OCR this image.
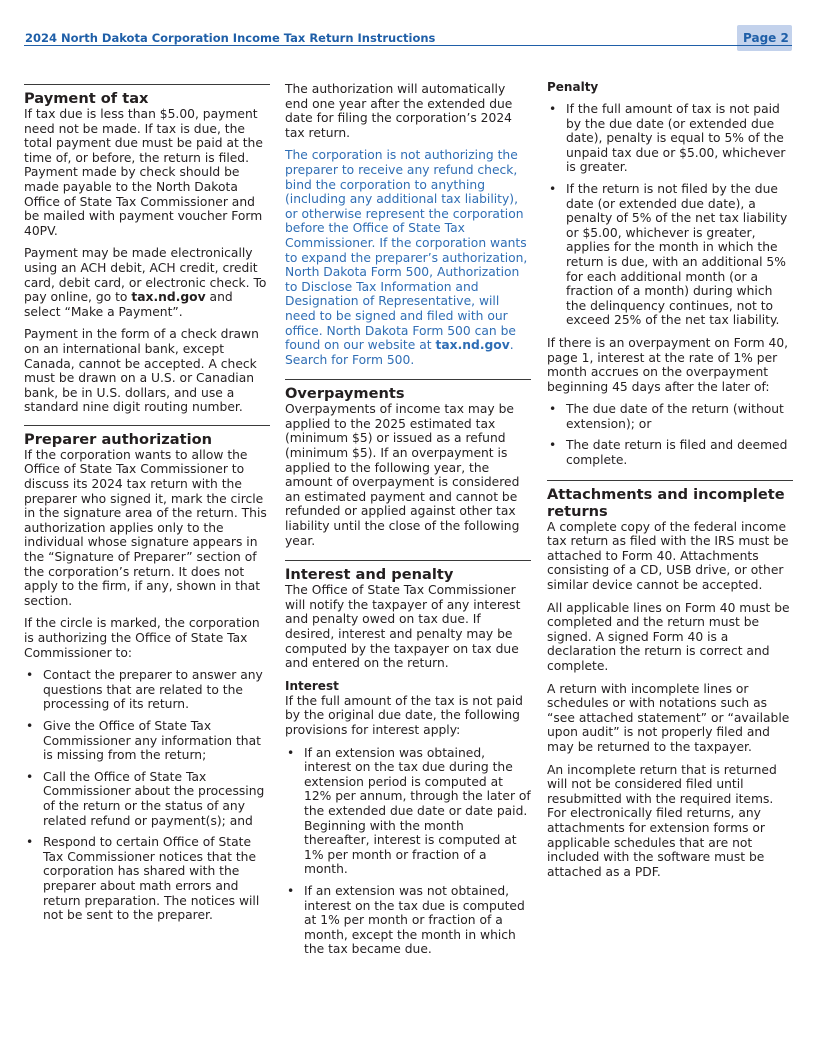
2024 North Dakota Corporation Income Tax Return Instructions	Page 2
Payment of tax

If tax due is less than $5.00, payment need not be made. If tax is due, the total payment due must be paid at the time of, or before, the return is filed. Payment made by check should be made payable to the North Dakota Office of State Tax Commissioner and be mailed with payment voucher Form 40PV.

Payment may be made electronically using an ACH debit, ACH credit, credit card, debit card, or electronic check. To pay online, go to tax.nd.gov and select “Make a Payment”.

Payment in the form of a check drawn on an international bank, except Canada, cannot be accepted. A check must be drawn on a U.S. or Canadian bank, be in U.S. dollars, and use a standard nine digit routing number.

Preparer authorization

If the corporation wants to allow the Office of State Tax Commissioner to discuss its 2024 tax return with the preparer who signed it, mark the circle in the signature area of the return. This authorization applies only to the individual whose signature appears in the “Signature of Preparer” section of the corporation’s return. It does not apply to the firm, if any, shown in that section.

If the circle is marked, the corporation is authorizing the Office of State Tax Commissioner to:

• Contact the preparer to answer any questions that are related to the processing of its return.
• Give the Office of State Tax Commissioner any information that is missing from the return;
• Call the Office of State Tax Commissioner about the processing of the return or the status of any related refund or payment(s); and
• Respond to certain Office of State Tax Commissioner notices that the corporation has shared with the preparer about math errors and return preparation. The notices will not be sent to the preparer.

The authorization will automatically end one year after the extended due date for filing the corporation’s 2024 tax return.

The corporation is not authorizing the preparer to receive any refund check, bind the corporation to anything (including any additional tax liability), or otherwise represent the corporation before the Office of State Tax Commissioner. If the corporation wants to expand the preparer’s authorization, North Dakota Form 500, Authorization to Disclose Tax Information and Designation of Representative, will need to be signed and filed with our office. North Dakota Form 500 can be found on our website at tax.nd.gov. Search for Form 500.

Overpayments

Overpayments of income tax may be applied to the 2025 estimated tax (minimum $5) or issued as a refund (minimum $5). If an overpayment is applied to the following year, the amount of overpayment is considered an estimated payment and cannot be refunded or applied against other tax liability until the close of the following year.

Interest and penalty

The Office of State Tax Commissioner will notify the taxpayer of any interest and penalty owed on tax due. If desired, interest and penalty may be computed by the taxpayer on tax due and entered on the return.

Interest

If the full amount of the tax is not paid by the original due date, the following provisions for interest apply:

• If an extension was obtained, interest on the tax due during the extension period is computed at 12% per annum, through the later of the extended due date or date paid. Beginning with the month thereafter, interest is computed at 1% per month or fraction of a month.
• If an extension was not obtained, interest on the tax due is computed at 1% per month or fraction of a month, except the month in which the tax became due.
Penalty
• If the full amount of tax is not paid by the due date (or extended due date), penalty is equal to 5% of the unpaid tax due or $5.00, whichever is greater.
• If the return is not filed by the due date (or extended due date), a penalty of 5% of the net tax liability or $5.00, whichever is greater, applies for the month in which the return is due, with an additional 5% for each additional month (or a fraction of a month) during which the delinquency continues, not to exceed 25% of the net tax liability.

If there is an overpayment on Form 40, page 1, interest at the rate of 1% per month accrues on the overpayment beginning 45 days after the later of:

• The due date of the return (without extension); or
• The date return is filed and deemed complete.
Attachments and incomplete returns

A complete copy of the federal income tax return as filed with the IRS must be attached to Form 40. Attachments consisting of a CD, USB drive, or other similar device cannot be accepted.

All applicable lines on Form 40 must be completed and the return must be signed. A signed Form 40 is a declaration the return is correct and complete.

A return with incomplete lines or schedules or with notations such as “see attached statement” or “available upon audit” is not properly filed and may be returned to the taxpayer.

An incomplete return that is returned will not be considered filed until resubmitted with the required items. For electronically filed returns, any attachments for extension forms or applicable schedules that are not included with the software must be attached as a PDF.
